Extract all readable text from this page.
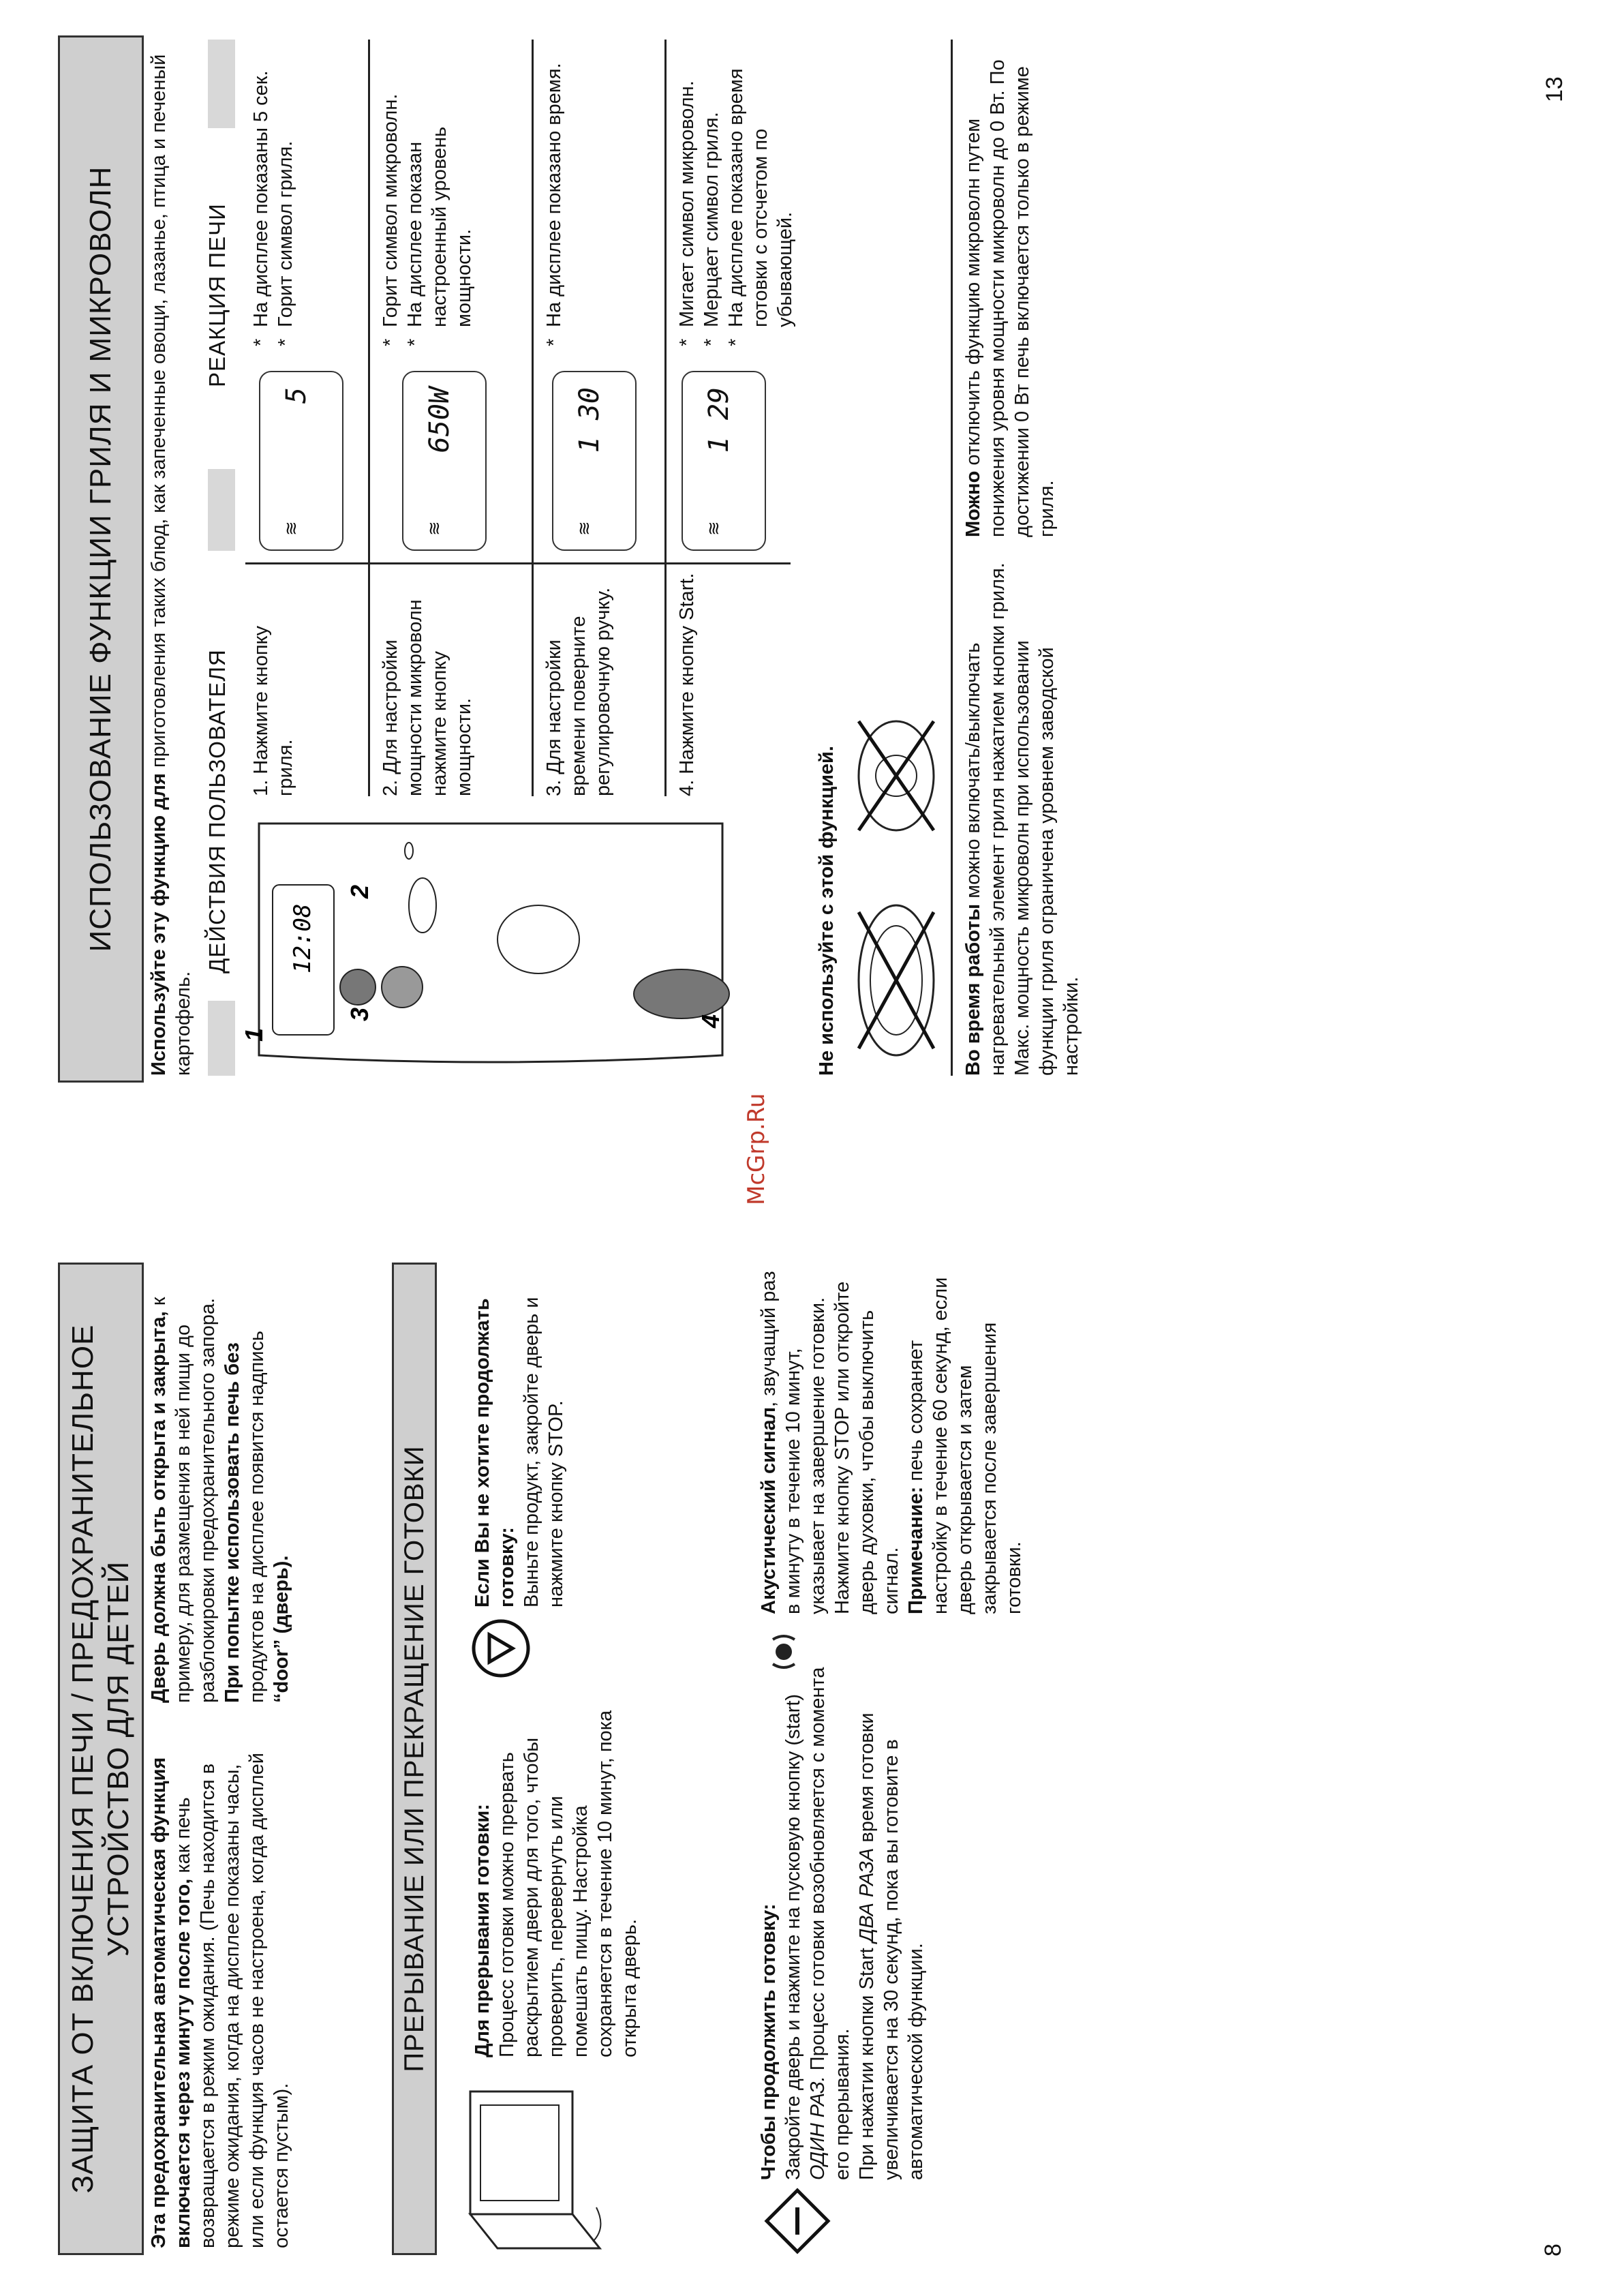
8
ЗАЩИТА ОТ ВКЛЮЧЕНИЯ ПЕЧИ / ПРЕДОХРАНИТЕЛЬНОЕ УСТРОЙСТВО ДЛЯ ДЕТЕЙ Эта предохранительная автоматическая функция включается через минуту после того, как печь возвращается в режим ожидания. (Печь находится в режиме ожидания, когда на дисплее показаны часы, или если функция часов не настроена, когда дисплей остается пустым).
Дверь должна быть открыта и закрыта, к примеру, для размещения в ней пищи до разблокировки предохранительного запора. При попытке использовать печь без продуктов на дисплее появится надпись “door” (дверь).	ПРЕРЫВАНИЕ ИЛИ ПРЕКРАЩЕНИЕ ГОТОВКИ	Для прерывания готовки: Процесс готовки можно прервать раскрытием двери для того, чтобы проверить, перевернуть или помешать пищу. Настройка сохраняется в течение 10 минут, пока открыта дверь.
Если Вы не хотите продолжать готовку: Выньте продукт, закройте дверь и нажмите кнопку STOP.
Чтобы продолжить готовку: Закройте дверь и нажмите на пусковую кнопку (start) ОДИН РАЗ. Процесс готовки возобновляется с момента его прерывания. При нажатии кнопки Start ДВА РАЗА время готовки увеличивается на 30 секунд, пока вы готовите в автоматической функции.
Акустический сигнал, звучащий раз в минуту в течение 10 минут, указывает на завершение готовки. Нажмите кнопку STOP или откройте дверь духовки, чтобы выключить сигнал. Примечание: печь сохраняет настройку в течение 60 секунд, если дверь открывается и затем закрывается после завершения готовки.
McGrp.Ru
13
ИСПОЛЬЗОВАНИЕ ФУНКЦИИ ГРИЛЯ И МИКРОВОЛН	Используйте эту функцию для приготовления таких блюд, как запеченные овощи, лазанье, птица и печеный картофель.
ДЕЙСТВИЯ ПОЛЬЗОВАТЕЛЯ
РЕАКЦИЯ ПЕЧИ
12:08
1
2
3	4
1. Нажмите кнопку гриля.
≋
5
* На дисплее показаны 5 сек. * Горит символ гриля.
2. Для настройки мощности микроволн нажмите кнопку мощности.
≋
650W
* Горит символ микроволн. * На дисплее показан настроенный уровень мощности.
3. Для настройки времени поверните регулировочную ручку.
≋
1 30
* На дисплее показано время.
4. Нажмите кнопку Start.
≋
1 29
* Мигает символ микроволн. * Мерцает символ гриля. * На дисплее показано время готовки с отсчетом по убывающей.
Не используйте с этой функцией.	Во время работы можно включать/выключать нагревательный элемент гриля нажатием кнопки гриля. Макс. мощность микроволн при использовании функции гриля ограничена уровнем заводской настройки.
Можно отключить функцию микроволн путем понижения уровня мощности микроволн до 0 Вт. По достижении 0 Вт печь включается только в режиме гриля.
